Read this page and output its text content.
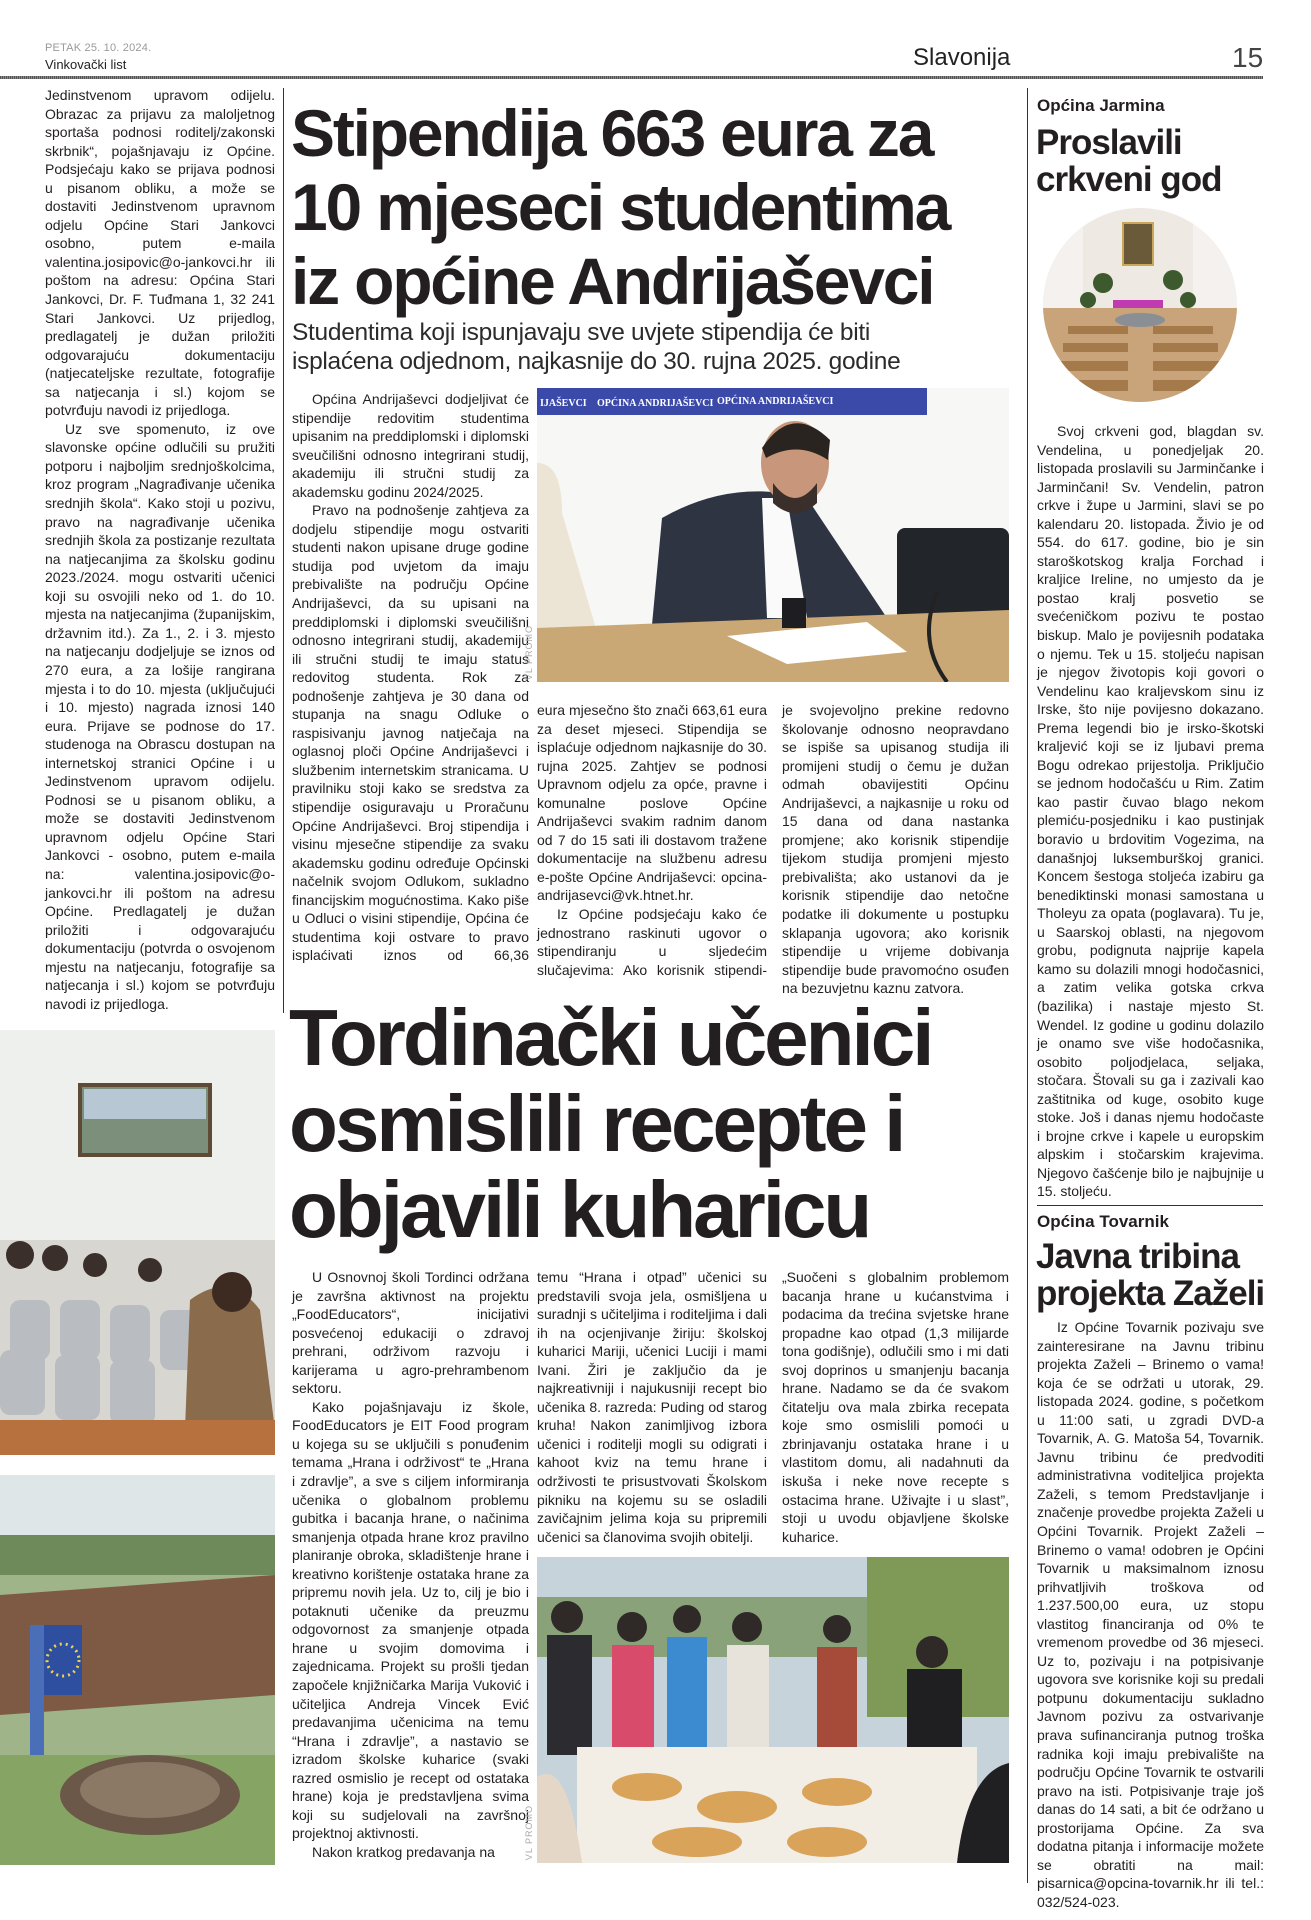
PETAK 25. 10. 2024.
Vinkovački list	Slavonija	15

Jedinstvenom upravom odijelu. Obrazac za prijavu za maloljetnog sportaša podnosi roditelj/zakonski skrbnik“, pojašnjavaju iz Općine. Podsjećaju kako se prijava podnosi u pisanom obliku, a može se dostaviti Jedinstvenom upravnom odjelu Općine Stari Jankovci osobno, putem e-maila valentina.josipovic@o-jankovci.hr ili poštom na adresu: Općina Stari Jankovci, Dr. F. Tuđmana 1, 32 241 Stari Jankovci. Uz prijedlog, predlagatelj je dužan priložiti odgovarajuću dokumentaciju (natjecateljske rezultate, fotografije sa natjecanja i sl.) kojom se potvrđuju navodi iz prijedloga.

Uz sve spomenuto, iz ove slavonske općine odlučili su pružiti potporu i najboljim srednjoškolcima, kroz program „Nagrađivanje učenika srednjih škola“. Kako stoji u pozivu, pravo na nagrađivanje učenika srednjih škola za postizanje rezultata na natjecanjima za školsku godinu 2023./2024. mogu ostvariti učenici koji su osvojili neko od 1. do 10. mjesta na natjecanjima (županijskim, državnim itd.). Za 1., 2. i 3. mjesto na natjecanju dodjeljuje se iznos od 270 eura, a za lošije rangirana mjesta i to do 10. mjesta (uključujući i 10. mjesto) nagrada iznosi 140 eura. Prijave se podnose do 17. studenoga na Obrascu dostupan na internetskoj stranici Općine i u Jedinstvenom upravom odijelu. Podnosi se u pisanom obliku, a može se dostaviti Jedinstvenom upravnom odjelu Općine Stari Jankovci - osobno, putem e-maila na: valentina.josipovic@o-jankovci.hr ili poštom na adresu Općine. Predlagatelj je dužan priložiti i odgovarajuću dokumentaciju (potvrda o osvojenom mjestu na natjecanju, fotografije sa natjecanja i sl.) kojom se potvrđuju navodi iz prijedloga.

Stipendija 663 eura za
10 mjeseci studentima
iz općine Andrijaševci
Studentima koji ispunjavaju sve uvjete stipendija će biti
isplaćena odjednom, najkasnije do 30. rujna 2025. godine

Općina Andrijaševci dodjeljivat će stipendije redovitim studentima upisanim na preddiplomski i diplomski sveučilišni odnosno integrirani studij, akademiju ili stručni studij za akademsku godinu 2024/2025.

Pravo na podnošenje zahtjeva za dodjelu stipendije mogu ostvariti studenti nakon upisane druge godine studija pod uvjetom da imaju prebivalište na području Općine Andrijaševci, da su upisani na preddiplomski i diplomski sveučilišni odnosno integrirani studij, akademiju ili stručni studij te imaju status redovitog studenta. Rok za podnošenje zahtjeva je 30 dana od stupanja na snagu Odluke o raspisivanju javnog natječaja na oglasnoj ploči Općine Andrijaševci i službenim internetskim stranicama. U pravilniku stoji kako se sredstva za stipendije osiguravaju u Proračunu Općine Andrijaševci. Broj stipendija i visinu mjesečne stipendije za svaku akademsku godinu određuje Općinski načelnik svojom Odlukom, sukladno financijskim mogućnostima. Kako piše u Odluci o visini stipendije, Općina će studentima koji ostvare to pravo isplaćivati iznos od 66,36

IJAŠEVCI OPĆINA ANDRIJAŠEVCI OPĆINA ANDRIJAŠEVCI
VL PROMO

eura mjesečno što znači 663,61 eura za deset mjeseci. Stipendija se isplaćuje odjednom najkasnije do 30. rujna 2025. Zahtjev se podnosi Upravnom odjelu za opće, pravne i komunalne poslove Općine Andrijaševci svakim radnim danom od 7 do 15 sati ili dostavom tražene dokumentacije na službenu adresu e-pošte Općine Andrijaševci: opcina-andrijasevci@vk.htnet.hr.

Iz Općine podsjećaju kako će jednostrano raskinuti ugovor o stipendiranju u sljedećim slučajevima: Ako korisnik stipendi-

je svojevoljno prekine redovno školovanje odnosno neopravdano se ispiše sa upisanog studija ili promijeni studij o čemu je dužan odmah obavijestiti Općinu Andrijaševci, a najkasnije u roku od 15 dana od dana nastanka promjene; ako korisnik stipendije tijekom studija promjeni mjesto prebivališta; ako ustanovi da je korisnik stipendije dao netočne podatke ili dokumente u postupku sklapanja ugovora; ako korisnik stipendije u vrijeme dobivanja stipendije bude pravomoćno osuđen na bezuvjetnu kaznu zatvora.

Tordinački učenici
osmislili recepte i
objavili kuharicu

U Osnovnoj školi Tordinci održana je završna aktivnost na projektu „FoodEducators“, inicijativi posvećenoj edukaciji o zdravoj prehrani, održivom razvoju i karijerama u agro-prehrambenom sektoru.

Kako pojašnjavaju iz škole, FoodEducators je EIT Food program u kojega su se uključili s ponuđenim temama „Hrana i održivost“ te „Hrana i zdravlje”, a sve s ciljem informiranja učenika o globalnom problemu gubitka i bacanja hrane, o načinima smanjenja otpada hrane kroz pravilno planiranje obroka, skladištenje hrane i kreativno korištenje ostataka hrane za pripremu novih jela. Uz to, cilj je bio i potaknuti učenike da preuzmu odgovornost za smanjenje otpada hrane u svojim domovima i zajednicama. Projekt su prošli tjedan započele knjižničarka Marija Vuković i učiteljica Andreja Vincek Ević predavanjima učenicima na temu “Hrana i zdravlje”, a nastavio se izradom školske kuharice (svaki razred osmislio je recept od ostataka hrane) koja je predstavljena svima koji su sudjelovali na završnoj projektnoj aktivnosti.

Nakon kratkog predavanja na

temu “Hrana i otpad” učenici su predstavili svoja jela, osmišljena u suradnji s učiteljima i roditeljima i dali ih na ocjenjivanje žiriju: školskoj kuharici Mariji, učenici Luciji i mami Ivani. Žiri je zaključio da je najkreativniji i najukusniji recept bio učenika 8. razreda: Puding od starog kruha! Nakon zanimljivog izbora učenici i roditelji mogli su odigrati i kahoot kviz na temu hrane i održivosti te prisustvovati Školskom pikniku na kojemu su se osladili zavičajnim jelima koja su pripremili učenici sa članovima svojih obitelji.

„Suočeni s globalnim problemom bacanja hrane u kućanstvima i podacima da trećina svjetske hrane propadne kao otpad (1,3 milijarde tona godišnje), odlučili smo i mi dati svoj doprinos u smanjenju bacanja hrane. Nadamo se da će svakom čitatelju ova mala zbirka recepata koje smo osmislili pomoći u zbrinjavanju ostataka hrane i u vlastitom domu, ali nadahnuti da iskuša i neke nove recepte s ostacima hrane. Uživajte i u slast”, stoji u uvodu objavljene školske kuharice.

VL PROMO
Općina Jarmina
Proslavili
crkveni god

Svoj crkveni god, blagdan sv. Vendelina, u ponedjeljak 20. listopada proslavili su Jarminčanke i Jarminčani! Sv. Vendelin, patron crkve i župe u Jarmini, slavi se po kalendaru 20. listopada. Živio je od 554. do 617. godine, bio je sin staroškotskog kralja Forchad i kraljice Ireline, no umjesto da je postao kralj posvetio se svećeničkom pozivu te postao biskup. Malo je povijesnih podataka o njemu. Tek u 15. stoljeću napisan je njegov životopis koji govori o Vendelinu kao kraljevskom sinu iz Irske, što nije povijesno dokazano. Prema legendi bio je irsko-škotski kraljević koji se iz ljubavi prema Bogu odrekao prijestolja. Priključio se jednom hodočašću u Rim. Zatim kao pastir čuvao blago nekom plemiću-posjedniku i kao pustinjak boravio u brdovitim Vogezima, na današnjoj luksemburškoj granici. Koncem šestoga stoljeća izabiru ga benediktinski monasi samostana u Tholeyu za opata (poglavara). Tu je, u Saarskoj oblasti, na njegovom grobu, podignuta najprije kapela kamo su dolazili mnogi hodočasnici, a zatim velika gotska crkva (bazilika) i nastaje mjesto St. Wendel. Iz godine u godinu dolazilo je onamo sve više hodočasnika, osobito poljodjelaca, seljaka, stočara. Štovali su ga i zazivali kao zaštitnika od kuge, osobito kuge stoke. Još i danas njemu hodočaste i brojne crkve i kapele u europskim alpskim i stočarskim krajevima. Njegovo čašćenje bilo je najbujnije u 15. stoljeću.

Općina Tovarnik
Javna tribina
projekta Zaželi

Iz Općine Tovarnik pozivaju sve zainteresirane na Javnu tribinu projekta Zaželi – Brinemo o vama! koja će se održati u utorak, 29. listopada 2024. godine, s početkom u 11:00 sati, u zgradi DVD-a Tovarnik, A. G. Matoša 54, Tovarnik. Javnu tribinu će predvoditi administrativna voditeljica projekta Zaželi, s temom Predstavljanje i značenje provedbe projekta Zaželi u Općini Tovarnik. Projekt Zaželi – Brinemo o vama! odobren je Općini Tovarnik u maksimalnom iznosu prihvatljivih troškova od 1.237.500,00 eura, uz stopu vlastitog financiranja od 0% te vremenom provedbe od 36 mjeseci. Uz to, pozivaju i na potpisivanje ugovora sve korisnike koji su predali potpunu dokumentaciju sukladno Javnom pozivu za ostvarivanje prava sufinanciranja putnog troška radnika koji imaju prebivalište na području Općine Tovarnik te ostvarili pravo na isti. Potpisivanje traje još danas do 14 sati, a bit će održano u prostorijama Općine. Za sva dodatna pitanja i informacije možete se obratiti na mail: pisarnica@opcina-tovarnik.hr ili tel.: 032/524-023.
